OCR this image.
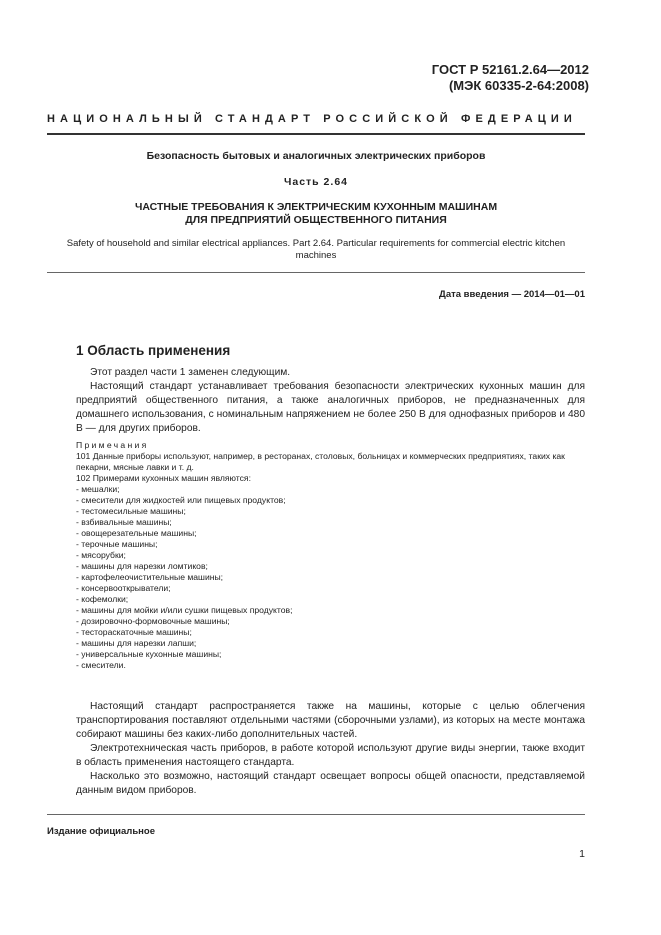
ГОСТ Р 52161.2.64—2012
(МЭК 60335-2-64:2008)
НАЦИОНАЛЬНЫЙ СТАНДАРТ РОССИЙСКОЙ ФЕДЕРАЦИИ
Безопасность бытовых и аналогичных электрических приборов
Часть 2.64
ЧАСТНЫЕ ТРЕБОВАНИЯ К ЭЛЕКТРИЧЕСКИМ КУХОННЫМ МАШИНАМ
ДЛЯ ПРЕДПРИЯТИЙ ОБЩЕСТВЕННОГО ПИТАНИЯ
Safety of household and similar electrical appliances. Part 2.64. Particular requirements for commercial electric kitchen machines
Дата введения — 2014—01—01
1 Область применения

Этот раздел части 1 заменен следующим.

Настоящий стандарт устанавливает требования безопасности электрических кухонных машин для предприятий общественного питания, а также аналогичных приборов, не предназначенных для домашнего использования, с номинальным напряжением не более 250 В для однофазных приборов и 480 В — для других приборов.

Примечания

101 Данные приборы используют, например, в ресторанах, столовых, больницах и коммерческих предприятиях, таких как пекарни, мясные лавки и т. д.

102 Примерами кухонных машин являются:

- мешалки;
- смесители для жидкостей или пищевых продуктов;
- тестомесильные машины;
- взбивальные машины;
- овощерезательные машины;
- терочные машины;
- мясорубки;
- машины для нарезки ломтиков;
- картофелеочистительные машины;
- консервооткрыватели;
- кофемолки;
- машины для мойки и/или сушки пищевых продуктов;
- дозировочно-формовочные машины;
- тестораскаточные машины;
- машины для нарезки лапши;
- универсальные кухонные машины;
- смесители.

Настоящий стандарт распространяется также на машины, которые с целью облегчения транспортирования поставляют отдельными частями (сборочными узлами), из которых на месте монтажа собирают машины без каких-либо дополнительных частей.

Электротехническая часть приборов, в работе которой используют другие виды энергии, также входит в область применения настоящего стандарта.

Насколько это возможно, настоящий стандарт освещает вопросы общей опасности, представляемой данным видом приборов.

Издание официальное
1
